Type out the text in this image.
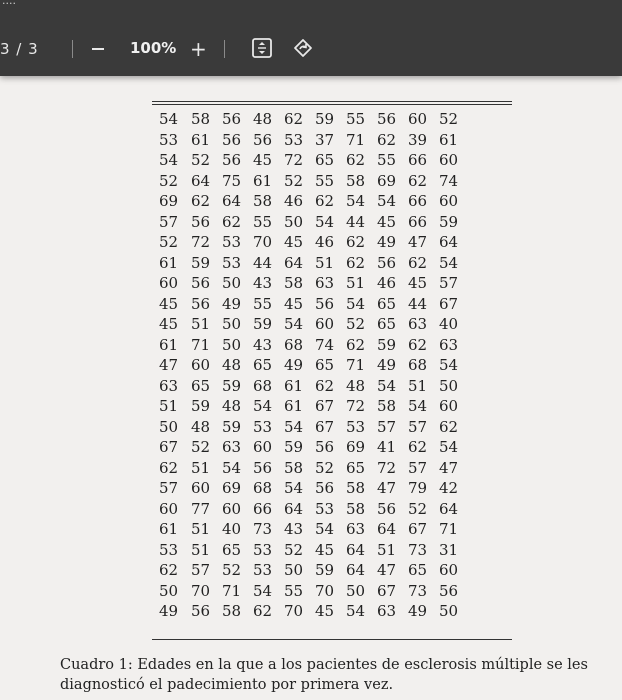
....
3 / 3	100% +
54	58	56	48	62	59	55	56	60	52
53	61	56	56	53	37	71	62	39	61
54	52	56	45	72	65	62	55	66	60
52	64	75	61	52	55	58	69	62	74
69	62	64	58	46	62	54	54	66	60
57	56	62	55	50	54	44	45	66	59
52	72	53	70	45	46	62	49	47	64
61	59	53	44	64	51	62	56	62	54
60	56	50	43	58	63	51	46	45	57
45	56	49	55	45	56	54	65	44	67
45	51	50	59	54	60	52	65	63	40
61	71	50	43	68	74	62	59	62	63
47	60	48	65	49	65	71	49	68	54
63	65	59	68	61	62	48	54	51	50
51	59	48	54	61	67	72	58	54	60
50	48	59	53	54	67	53	57	57	62
67	52	63	60	59	56	69	41	62	54
62	51	54	56	58	52	65	72	57	47
57	60	69	68	54	56	58	47	79	42
60	77	60	66	64	53	58	56	52	64
61	51	40	73	43	54	63	64	67	71
53	51	65	53	52	45	64	51	73	31
62	57	52	53	50	59	64	47	65	60
50	70	71	54	55	70	50	67	73	56
49	56	58	62	70	45	54	63	49	50
Cuadro 1: Edades en la que a los pacientes de esclerosis múltiple se les
diagnosticó el padecimiento por primera vez.
